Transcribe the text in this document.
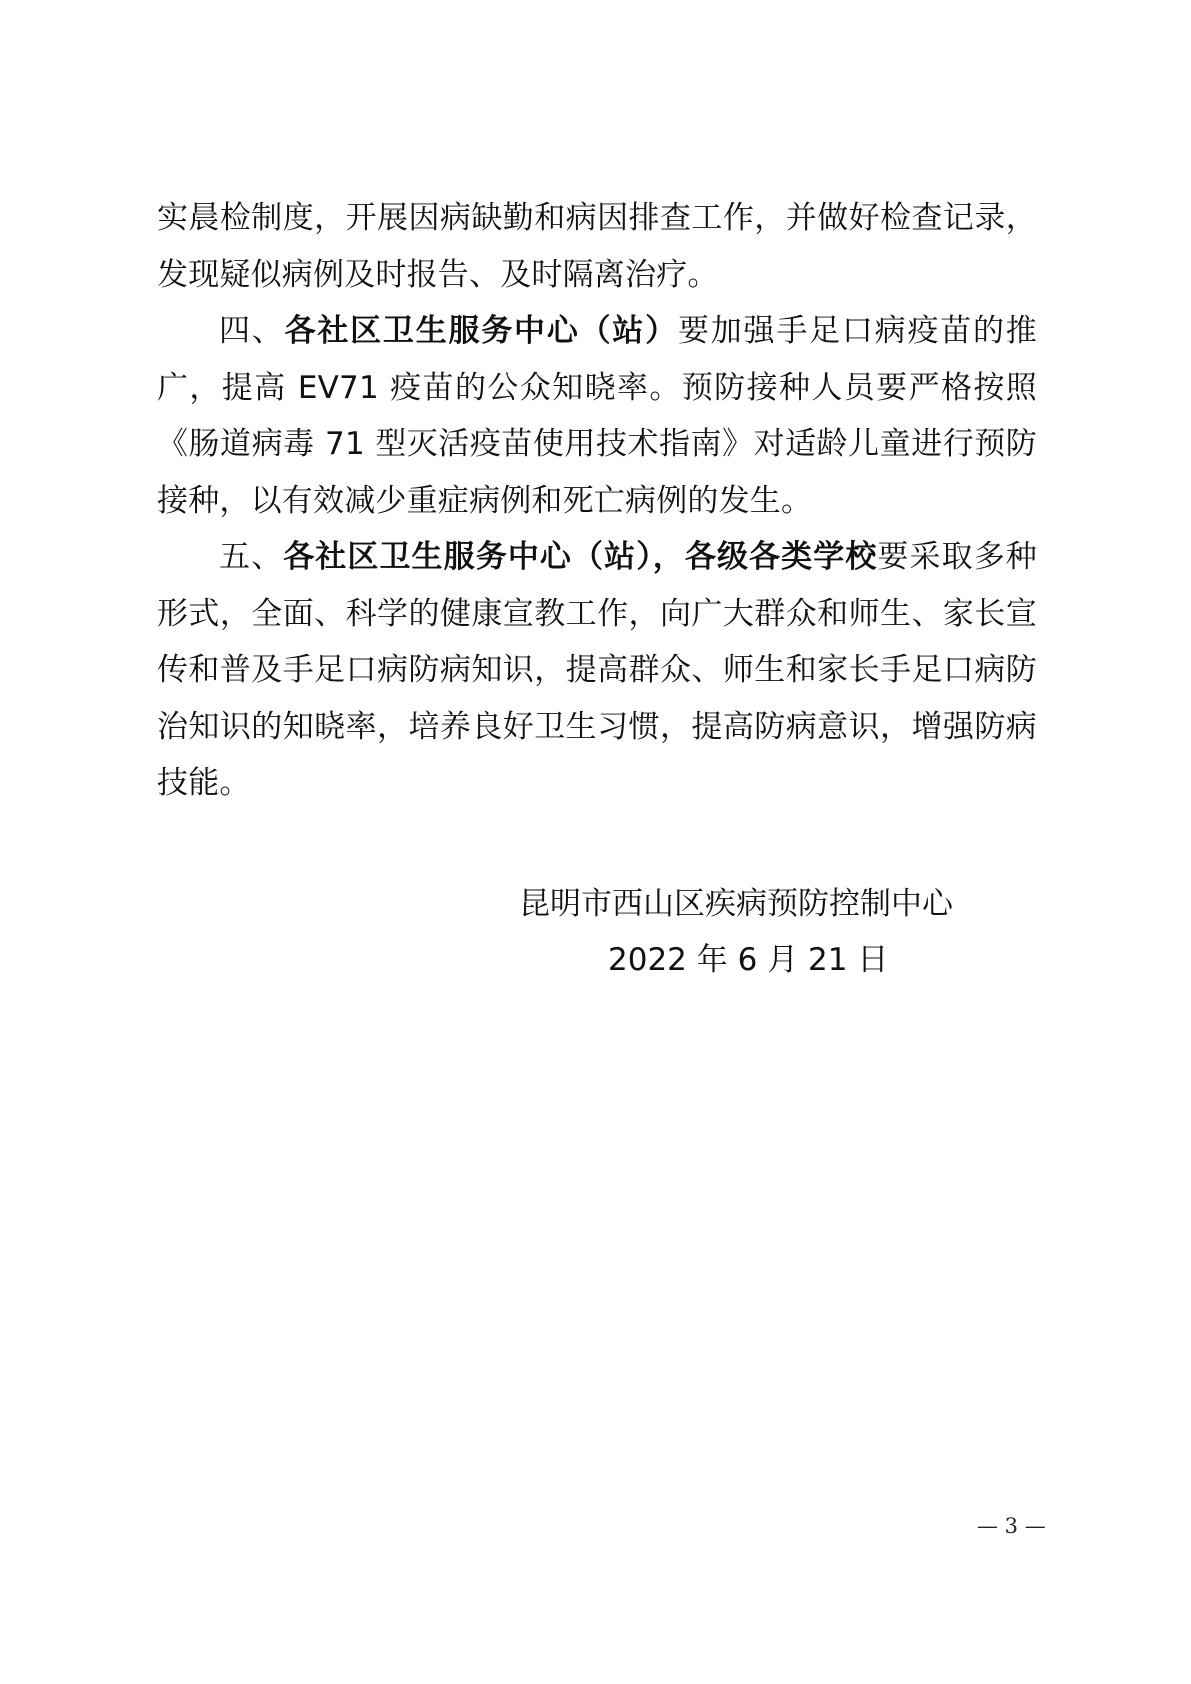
实晨检制度，开展因病缺勤和病因排查工作，并做好检查记录，发现疑似病例及时报告、及时隔离治疗。

四、各社区卫生服务中心（站）要加强手足口病疫苗的推广，提高 EV71 疫苗的公众知晓率。预防接种人员要严格按照《肠道病毒 71 型灭活疫苗使用技术指南》对适龄儿童进行预防接种，以有效减少重症病例和死亡病例的发生。

五、各社区卫生服务中心（站），各级各类学校要采取多种形式，全面、科学的健康宣教工作，向广大群众和师生、家长宣传和普及手足口病防病知识，提高群众、师生和家长手足口病防治知识的知晓率，培养良好卫生习惯，提高防病意识，增强防病技能。

昆明市西山区疾病预防控制中心
2022 年 6 月 21 日
— 3 —
